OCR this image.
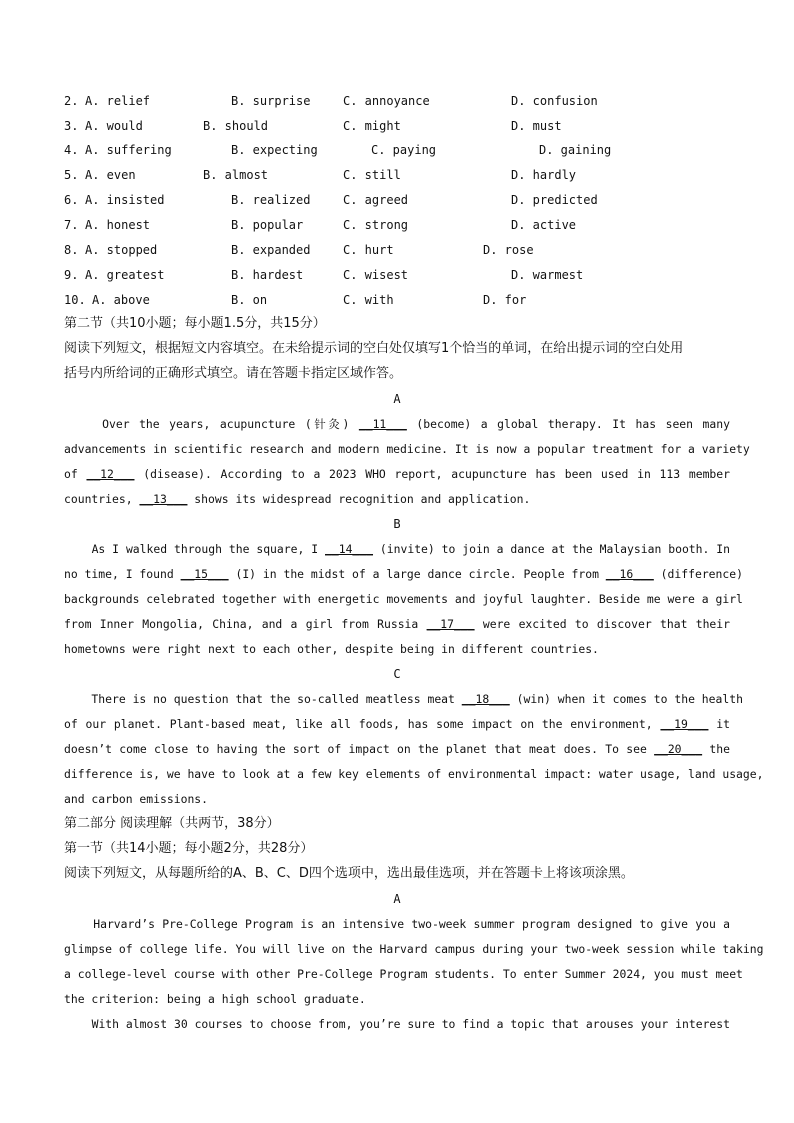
2. A. relief	B. surprise	C. annoyance	D. confusion
3. A. would	B. should	C. might	D. must
4. A. suffering	B. expecting	C. paying	D. gaining
5. A. even	B. almost	C. still	D. hardly
6. A. insisted	B. realized	C. agreed	D. predicted
7. A. honest	B. popular	C. strong	D. active
8. A. stopped	B. expanded	C. hurt	D. rose
9. A. greatest	B. hardest	C. wisest	D. warmest
10. A. above	B. on	C. with	D. for
第二节（共10小题；每小题1.5分，共15分）
阅读下列短文，根据短文内容填空。在未给提示词的空白处仅填写1个恰当的单词，在给出提示词的空白处用
括号内所给词的正确形式填空。请在答题卡指定区域作答。
A
Over the years, acupuncture (针灸) __11___ (become) a global therapy. It has seen many
advancements in scientific research and modern medicine. It is now a popular treatment for a variety
of __12___ (disease). According to a 2023 WHO report, acupuncture has been used in 113 member
countries, __13___ shows its widespread recognition and application.
B
As I walked through the square, I __14___ (invite) to join a dance at the Malaysian booth. In
no time, I found __15___ (I) in the midst of a large dance circle. People from __16___ (difference)
backgrounds celebrated together with energetic movements and joyful laughter. Beside me were a girl
from Inner Mongolia, China, and a girl from Russia __17___ were excited to discover that their
hometowns were right next to each other, despite being in different countries.
C
There is no question that the so-called meatless meat __18___ (win) when it comes to the health
of our planet. Plant-based meat, like all foods, has some impact on the environment, __19___ it
doesn’t come close to having the sort of impact on the planet that meat does. To see __20___ the
difference is, we have to look at a few key elements of environmental impact: water usage, land usage,
and carbon emissions.
第二部分 阅读理解（共两节，38分）
第一节（共14小题；每小题2分，共28分）
阅读下列短文，从每题所给的A、B、C、D四个选项中，选出最佳选项，并在答题卡上将该项涂黑。
A
Harvard’s Pre-College Program is an intensive two-week summer program designed to give you a
glimpse of college life. You will live on the Harvard campus during your two-week session while taking
a college-level course with other Pre-College Program students. To enter Summer 2024, you must meet
the criterion: being a high school graduate.
With almost 30 courses to choose from, you’re sure to find a topic that arouses your interest
